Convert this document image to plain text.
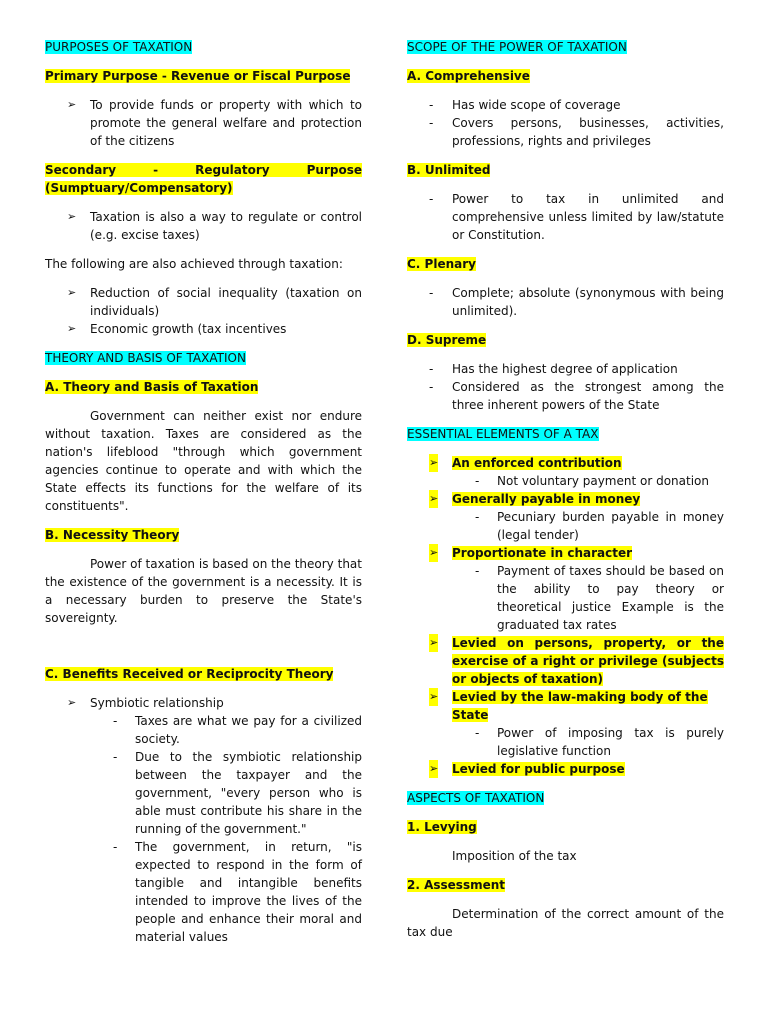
PURPOSES OF TAXATION
Primary Purpose - Revenue or Fiscal Purpose
➢ To provide funds or property with which to promote the general welfare and protection of the citizens
Secondary - Regulatory Purpose (Sumptuary/Compensatory)
➢ Taxation is also a way to regulate or control (e.g. excise taxes)

The following are also achieved through taxation:

➢ Reduction of social inequality (taxation on individuals)
➢ Economic growth (tax incentives
THEORY AND BASIS OF TAXATION
A. Theory and Basis of Taxation

Government can neither exist nor endure without taxation. Taxes are considered as the nation's lifeblood "through which government agencies continue to operate and with which the State effects its functions for the welfare of its constituents".

B. Necessity Theory

Power of taxation is based on the theory that the existence of the government is a necessity. It is a necessary burden to preserve the State's sovereignty.

C. Benefits Received or Reciprocity Theory
➢ Symbiotic relationship
- Taxes are what we pay for a civilized society.
- Due to the symbiotic relationship between the taxpayer and the government, "every person who is able must contribute his share in the running of the government."
- The government, in return, "is expected to respond in the form of tangible and intangible benefits intended to improve the lives of the people and enhance their moral and material values
SCOPE OF THE POWER OF TAXATION
A. Comprehensive
- Has wide scope of coverage
- Covers persons, businesses, activities, professions, rights and privileges
B. Unlimited
- Power to tax in unlimited and comprehensive unless limited by law/statute or Constitution.
C. Plenary
- Complete; absolute (synonymous with being unlimited).
D. Supreme
- Has the highest degree of application
- Considered as the strongest among the three inherent powers of the State
ESSENTIAL ELEMENTS OF A TAX
➢ An enforced contribution
- Not voluntary payment or donation
➢ Generally payable in money
- Pecuniary burden payable in money (legal tender)
➢ Proportionate in character
- Payment of taxes should be based on the ability to pay theory or theoretical justice Example is the graduated tax rates
➢ Levied on persons, property, or the exercise of a right or privilege (subjects or objects of taxation)
➢ Levied by the law-making body of the State
- Power of imposing tax is purely legislative function
➢ Levied for public purpose
ASPECTS OF TAXATION
1. Levying

Imposition of the tax

2. Assessment

Determination of the correct amount of the tax due
